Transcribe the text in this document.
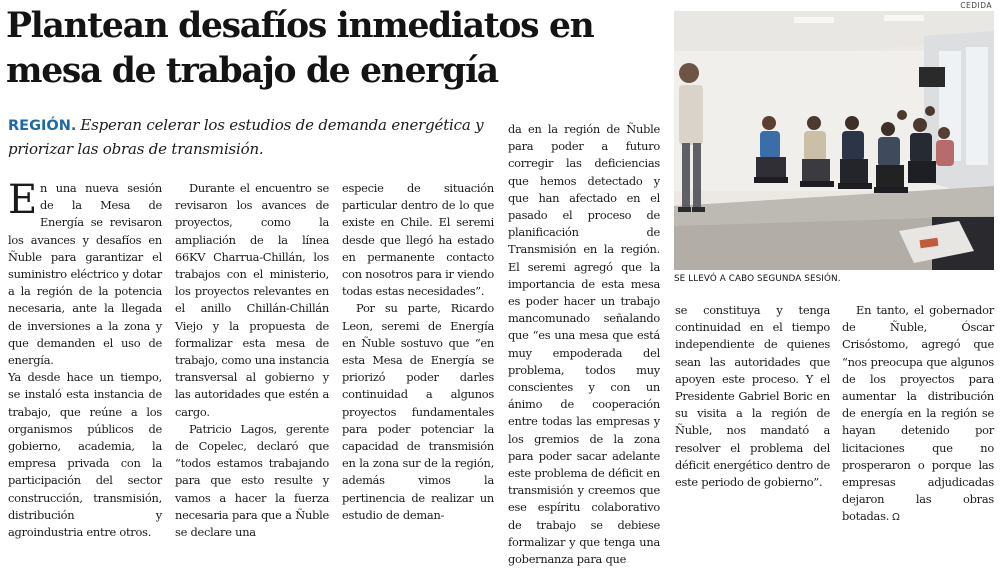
Plantean desafíos inmediatos en mesa de trabajo de energía

REGIÓN. Esperan celerar los estudios de demanda energética y priorizar las obras de transmisión.

En una nueva sesión de la Mesa de Energía se revisaron los avances y desafíos en Ñuble para garantizar el suministro eléctrico y dotar a la región de la potencia necesaria, ante la llegada de inversiones a la zona y que demanden el uso de energía.

Ya desde hace un tiempo, se instaló esta instancia de trabajo, que reúne a los organismos públicos de gobierno, academia, la empresa privada con la participación del sector construcción, transmisión, distribución y agroindustria entre otros.

Durante el encuentro se revisaron los avances de proyectos, como la ampliación de la línea 66KV Charrua-Chillán, los trabajos con el ministerio, los proyectos relevantes en el anillo Chillán-Chillán Viejo y la propuesta de formalizar esta mesa de trabajo, como una instancia transversal al gobierno y las autoridades que estén a cargo.

Patricio Lagos, gerente de Copelec, declaró que “todos estamos trabajando para que esto resulte y vamos a hacer la fuerza necesaria para que a Ñuble se declare una

especie de situación particular dentro de lo que existe en Chile. El seremi desde que llegó ha estado en permanente contacto con nosotros para ir viendo todas estas necesidades”.

Por su parte, Ricardo Leon, seremi de Energía en Ñuble sostuvo que “en esta Mesa de Energía se priorizó poder darles continuidad a algunos proyectos fundamentales para poder potenciar la capacidad de transmisión en la zona sur de la región, además vimos la pertinencia de realizar un estudio de deman-

da en la región de Ñuble para poder a futuro corregir las deficiencias que hemos detectado y que han afectado en el pasado el proceso de planificación de Transmisión en la región. El seremi agregó que la importancia de esta mesa es poder hacer un trabajo mancomunado señalando que “es una mesa que está muy empoderada del problema, todos muy conscientes y con un ánimo de cooperación entre todas las empresas y los gremios de la zona para poder sacar adelante este problema de déficit en transmisión y creemos que ese espíritu colaborativo de trabajo se debiese formalizar y que tenga una gobernanza para que

se constituya y tenga continuidad en el tiempo independiente de quienes sean las autoridades que apoyen este proceso. Y el Presidente Gabriel Boric en su visita a la región de Ñuble, nos mandató a resolver el problema del déficit energético dentro de este periodo de gobierno”.

En tanto, el gobernador de Ñuble, Óscar Crisóstomo, agregó que “nos preocupa que algunos de los proyectos para aumentar la distribución de energía en la región se hayan detenido por licitaciones que no prosperaron o porque las empresas adjudicadas dejaron las obras botadas. Ω

CEDIDA
SE LLEVÓ A CABO SEGUNDA SESIÓN.
